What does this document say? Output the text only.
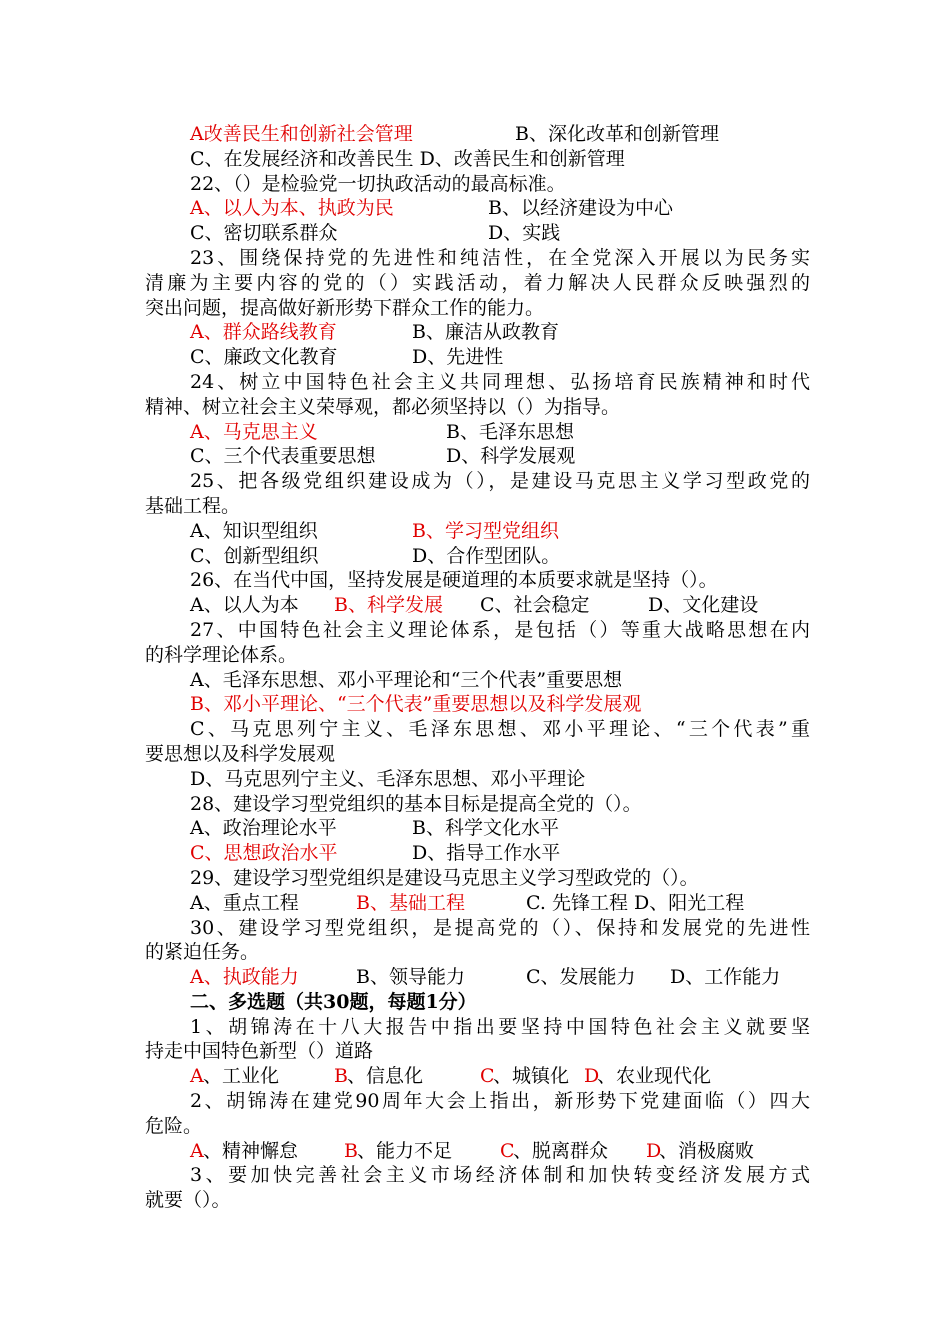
A改善民生和创新社会管理	B、深化改革和创新管理
C、在发展经济和改善民生 D、改善民生和创新管理
22、（）是检验党一切执政活动的最高标准。
A、以人为本、执政为民	B、以经济建设为中心
C、密切联系群众	D、实践
23、围绕保持党的先进性和纯洁性，在全党深入开展以为民务实
清廉为主要内容的党的（）实践活动，着力解决人民群众反映强烈的
突出问题，提高做好新形势下群众工作的能力。
A、群众路线教育	B、廉洁从政教育
C、廉政文化教育	D、先进性
24、树立中国特色社会主义共同理想、弘扬培育民族精神和时代
精神、树立社会主义荣辱观，都必须坚持以（）为指导。
A、马克思主义	B、毛泽东思想
C、三个代表重要思想	D、科学发展观
25、把各级党组织建设成为（），是建设马克思主义学习型政党的
基础工程。
A、知识型组织	B、学习型党组织
C、创新型组织	D、合作型团队。
26、在当代中国，坚持发展是硬道理的本质要求就是坚持（）。
A、以人为本 B、科学发展 C、社会稳定	D、文化建设
27、中国特色社会主义理论体系，是包括（）等重大战略思想在内
的科学理论体系。
A、毛泽东思想、邓小平理论和“三个代表”重要思想
B、邓小平理论、“三个代表”重要思想以及科学发展观
C、马克思列宁主义、毛泽东思想、邓小平理论、“三个代表”重
要思想以及科学发展观
D、马克思列宁主义、毛泽东思想、邓小平理论
28、建设学习型党组织的基本目标是提高全党的（）。
A、政治理论水平	B、科学文化水平
C、思想政治水平	D、指导工作水平
29、建设学习型党组织是建设马克思主义学习型政党的（）。
A、重点工程	B、基础工程	C. 先锋工程 D、阳光工程
30、建设学习型党组织，是提高党的（）、保持和发展党的先进性
的紧迫任务。
A、执政能力	B、领导能力	C、发展能力 D、工作能力
二、多选题（共30题，每题1分）
1、胡锦涛在十八大报告中指出要坚持中国特色社会主义就要坚
持走中国特色新型（）道路
A 、工业化	B 、信息化	C
、城镇化 D
、农业现代化
2、胡锦涛在建党90周年大会上指出，新形势下党建面临（）四大
危险。
A 、精神懈怠 B 、能力不足	C
、脱离群众 D
、消极腐败
3、要加快完善社会主义市场经济体制和加快转变经济发展方式
就要（）。
